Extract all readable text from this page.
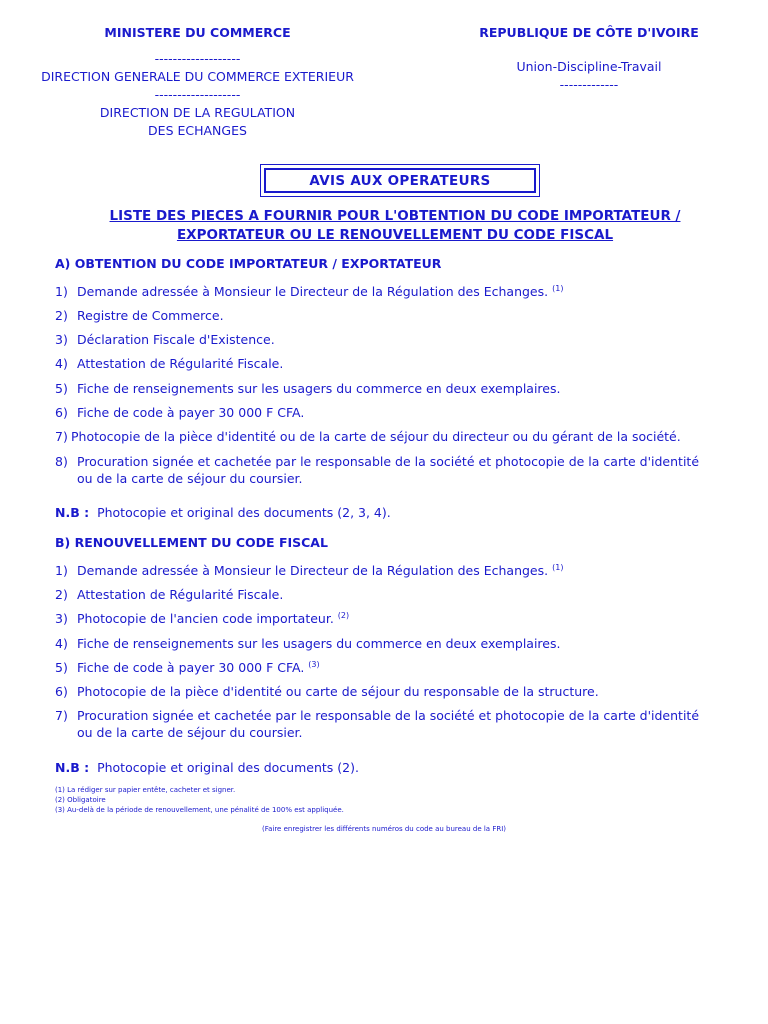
MINISTERE DU COMMERCE
-------------------
DIRECTION GENERALE DU COMMERCE EXTERIEUR
-------------------
DIRECTION DE LA REGULATION
DES ECHANGES
REPUBLIQUE DE CÔTE D'IVOIRE
Union-Discipline-Travail
-------------
AVIS AUX OPERATEURS
LISTE DES PIECES A FOURNIR POUR L'OBTENTION DU CODE IMPORTATEUR /
EXPORTATEUR OU LE RENOUVELLEMENT DU CODE FISCAL
A) OBTENTION DU CODE IMPORTATEUR / EXPORTATEUR
1) Demande adressée à Monsieur le Directeur de la Régulation des Echanges. $^{(1)}$
2) Registre de Commerce.
3) Déclaration Fiscale d'Existence.
4) Attestation de Régularité Fiscale.
5) Fiche de renseignements sur les usagers du commerce en deux exemplaires.
6) Fiche de code à payer 30 000 F CFA.
7) Photocopie de la pièce d'identité ou de la carte de séjour du directeur ou du gérant de la société.
8) Procuration signée et cachetée par le responsable de la société et photocopie de la carte d'identité ou de la carte de séjour du coursier.
N.B : Photocopie et original des documents (2, 3, 4).
B) RENOUVELLEMENT DU CODE FISCAL
1) Demande adressée à Monsieur le Directeur de la Régulation des Echanges. $^{(1)}$
2) Attestation de Régularité Fiscale.
3) Photocopie de l'ancien code importateur. $^{(2)}$
4) Fiche de renseignements sur les usagers du commerce en deux exemplaires.
5) Fiche de code à payer 30 000 F CFA. $^{(3)}$
6) Photocopie de la pièce d'identité ou carte de séjour du responsable de la structure.
7) Procuration signée et cachetée par le responsable de la société et photocopie de la carte d'identité ou de la carte de séjour du coursier.
N.B : Photocopie et original des documents (2).
(1) La rédiger sur papier entête, cacheter et signer.
(2) Obligatoire
(3) Au-delà de la période de renouvellement, une pénalité de 100% est appliquée.
(Faire enregistrer les différents numéros du code au bureau de la FRI)
